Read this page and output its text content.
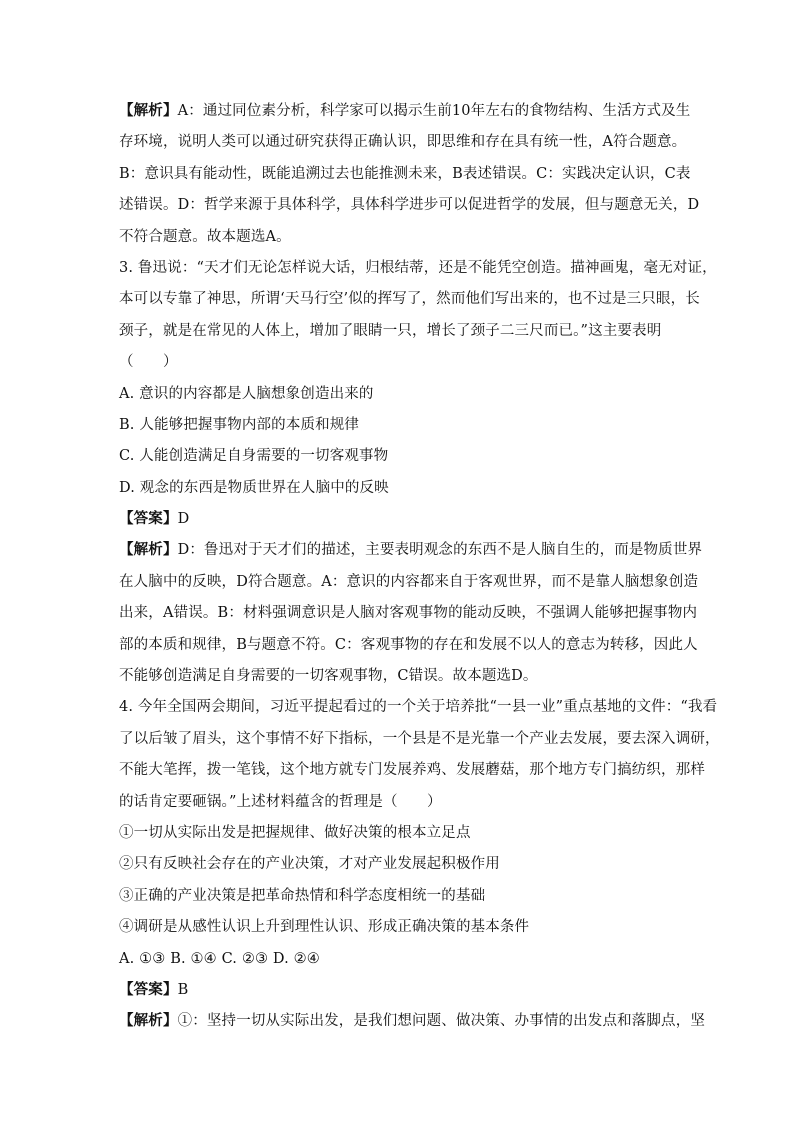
【解析】A：通过同位素分析，科学家可以揭示生前10年左右的食物结构、生活方式及生
存环境，说明人类可以通过研究获得正确认识，即思维和存在具有统一性，A符合题意。
B：意识具有能动性，既能追溯过去也能推测未来，B表述错误。C：实践决定认识，C表
述错误。D：哲学来源于具体科学，具体科学进步可以促进哲学的发展，但与题意无关，D
不符合题意。故本题选A。
3. 鲁迅说：“天才们无论怎样说大话，归根结蒂，还是不能凭空创造。描神画鬼，毫无对证，
本可以专靠了神思，所谓‘天马行空’似的挥写了，然而他们写出来的，也不过是三只眼，长
颈子，就是在常见的人体上，增加了眼睛一只，增长了颈子二三尺而已。”这主要表明
（　　）
A. 意识的内容都是人脑想象创造出来的
B. 人能够把握事物内部的本质和规律
C. 人能创造满足自身需要的一切客观事物
D. 观念的东西是物质世界在人脑中的反映
【答案】D
【解析】D：鲁迅对于天才们的描述，主要表明观念的东西不是人脑自生的，而是物质世界
在人脑中的反映，D符合题意。A：意识的内容都来自于客观世界，而不是靠人脑想象创造
出来，A错误。B：材料强调意识是人脑对客观事物的能动反映，不强调人能够把握事物内
部的本质和规律，B与题意不符。C：客观事物的存在和发展不以人的意志为转移，因此人
不能够创造满足自身需要的一切客观事物，C错误。故本题选D。
4. 今年全国两会期间，习近平提起看过的一个关于培养批“一县一业”重点基地的文件：“我看
了以后皱了眉头，这个事情不好下指标，一个县是不是光靠一个产业去发展，要去深入调研，
不能大笔挥，拨一笔钱，这个地方就专门发展养鸡、发展蘑菇，那个地方专门搞纺织，那样
的话肯定要砸锅。”上述材料蕴含的哲理是（　　）
①一切从实际出发是把握规律、做好决策的根本立足点
②只有反映社会存在的产业决策，才对产业发展起积极作用
③正确的产业决策是把革命热情和科学态度相统一的基础
④调研是从感性认识上升到理性认识、形成正确决策的基本条件
A. ①③ B. ①④ C. ②③ D. ②④
【答案】B
【解析】①：坚持一切从实际出发，是我们想问题、做决策、办事情的出发点和落脚点，坚
